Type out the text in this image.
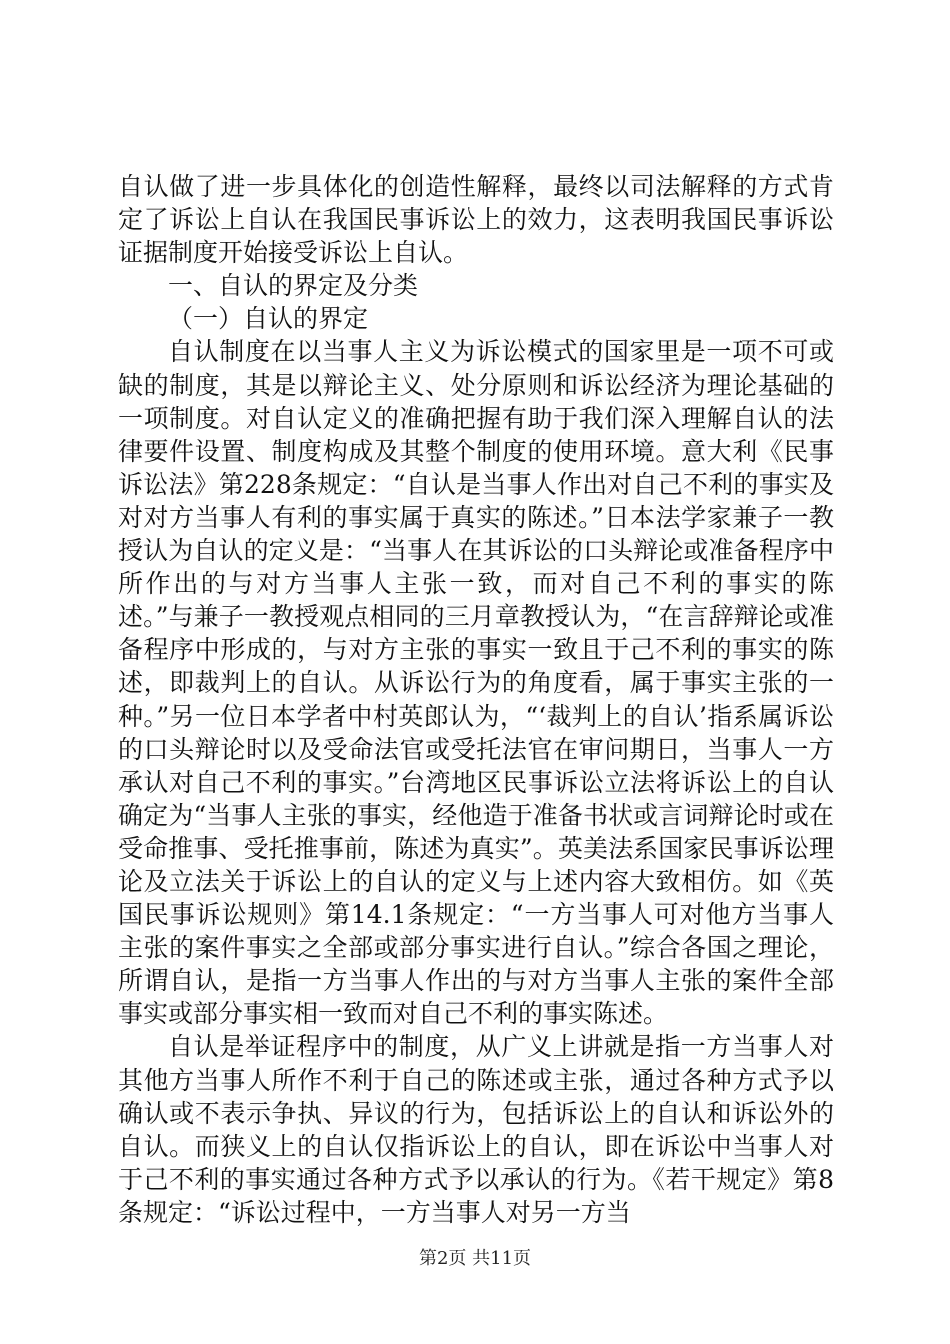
自认做了进一步具体化的创造性解释，最终以司法解释的方式肯定了诉讼上自认在我国民事诉讼上的效力，这表明我国民事诉讼证据制度开始接受诉讼上自认。

一、自认的界定及分类

（一）自认的界定

自认制度在以当事人主义为诉讼模式的国家里是一项不可或缺的制度，其是以辩论主义、处分原则和诉讼经济为理论基础的一项制度。对自认定义的准确把握有助于我们深入理解自认的法律要件设置、制度构成及其整个制度的使用环境。意大利《民事诉讼法》第228条规定：“自认是当事人作出对自己不利的事实及对对方当事人有利的事实属于真实的陈述。”日本法学家兼子一教授认为自认的定义是：“当事人在其诉讼的口头辩论或准备程序中所作出的与对方当事人主张一致，而对自己不利的事实的陈述。”与兼子一教授观点相同的三月章教授认为，“在言辞辩论或准备程序中形成的，与对方主张的事实一致且于己不利的事实的陈述，即裁判上的自认。从诉讼行为的角度看，属于事实主张的一种。”另一位日本学者中村英郎认为，“‘裁判上的自认’指系属诉讼的口头辩论时以及受命法官或受托法官在审问期日，当事人一方承认对自己不利的事实。”台湾地区民事诉讼立法将诉讼上的自认确定为“当事人主张的事实，经他造于准备书状或言词辩论时或在受命推事、受托推事前，陈述为真实”。英美法系国家民事诉讼理论及立法关于诉讼上的自认的定义与上述内容大致相仿。如《英国民事诉讼规则》第14.1条规定：“一方当事人可对他方当事人主张的案件事实之全部或部分事实进行自认。”综合各国之理论，所谓自认，是指一方当事人作出的与对方当事人主张的案件全部事实或部分事实相一致而对自己不利的事实陈述。

自认是举证程序中的制度，从广义上讲就是指一方当事人对其他方当事人所作不利于自己的陈述或主张，通过各种方式予以确认或不表示争执、异议的行为，包括诉讼上的自认和诉讼外的自认。而狭义上的自认仅指诉讼上的自认，即在诉讼中当事人对于己不利的事实通过各种方式予以承认的行为。《若干规定》第8条规定：“诉讼过程中，一方当事人对另一方当

第2页 共11页
